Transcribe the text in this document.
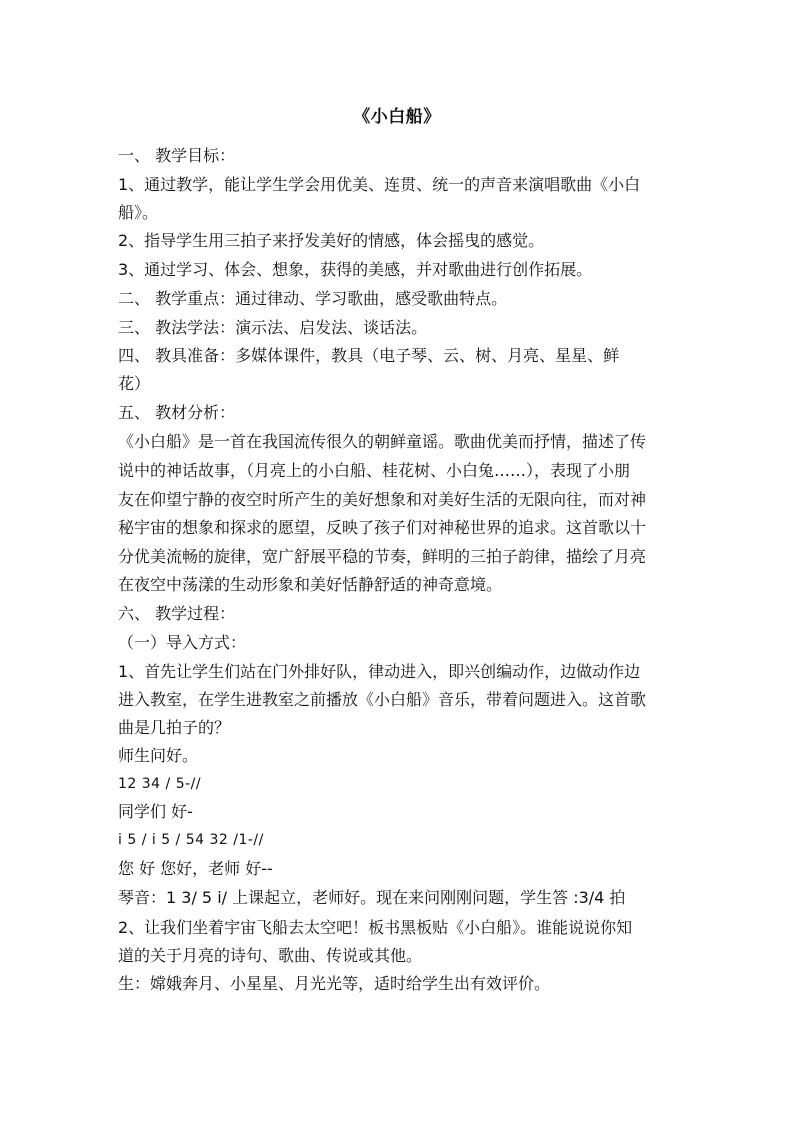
《小白船》
一、 教学目标：
1、通过教学，能让学生学会用优美、连贯、统一的声音来演唱歌曲《小白
船》。
2、指导学生用三拍子来抒发美好的情感，体会摇曳的感觉。
3、通过学习、体会、想象，获得的美感，并对歌曲进行创作拓展。
二、 教学重点：通过律动、学习歌曲，感受歌曲特点。
三、 教法学法：演示法、启发法、谈话法。
四、 教具准备：多媒体课件，教具（电子琴、云、树、月亮、星星、鲜
花）
五、 教材分析：
《小白船》是一首在我国流传很久的朝鲜童谣。歌曲优美而抒情，描述了传
说中的神话故事，（月亮上的小白船、桂花树、小白兔……），表现了小朋
友在仰望宁静的夜空时所产生的美好想象和对美好生活的无限向往，而对神
秘宇宙的想象和探求的愿望，反映了孩子们对神秘世界的追求。这首歌以十
分优美流畅的旋律，宽广舒展平稳的节奏，鲜明的三拍子韵律，描绘了月亮
在夜空中荡漾的生动形象和美好恬静舒适的神奇意境。
六、 教学过程：
（一）导入方式：
1、首先让学生们站在门外排好队，律动进入，即兴创编动作，边做动作边
进入教室，在学生进教室之前播放《小白船》音乐，带着问题进入。这首歌
曲是几拍子的？
师生问好。
12 34 / 5-//
同学们 好-
i 5 / i 5 / 54 32 /1-//
您 好 您好，老师 好--
琴音：1 3/ 5 i/ 上课起立，老师好。现在来问刚刚问题，学生答 :3/4 拍
2、让我们坐着宇宙飞船去太空吧！板书黑板贴《小白船》。谁能说说你知
道的关于月亮的诗句、歌曲、传说或其他。
生：嫦娥奔月、小星星、月光光等，适时给学生出有效评价。
